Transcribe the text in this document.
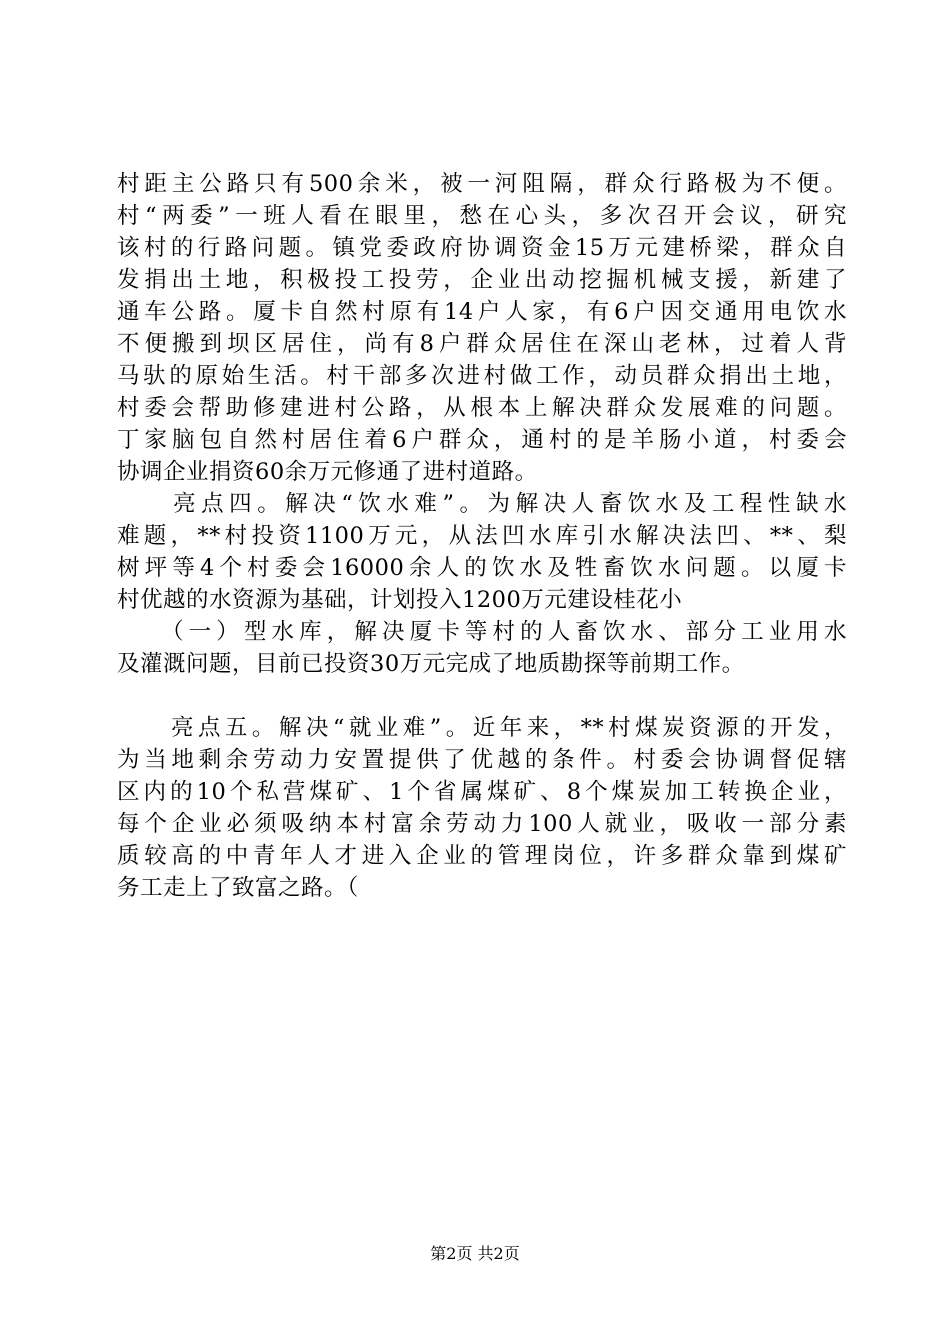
村距主公路只有500余米，被一河阻隔，群众行路极为不便。
村“两委”一班人看在眼里，愁在心头，多次召开会议，研究
该村的行路问题。镇党委政府协调资金15万元建桥梁，群众自
发捐出土地，积极投工投劳，企业出动挖掘机械支援，新建了
通车公路。厦卡自然村原有14户人家，有6户因交通用电饮水
不便搬到坝区居住，尚有8户群众居住在深山老林，过着人背
马驮的原始生活。村干部多次进村做工作，动员群众捐出土地，
村委会帮助修建进村公路，从根本上解决群众发展难的问题。
丁家脑包自然村居住着6户群众，通村的是羊肠小道，村委会
协调企业捐资60余万元修通了进村道路。
　　亮点四。解决“饮水难”。为解决人畜饮水及工程性缺水
难题，**村投资1100万元，从法凹水库引水解决法凹、**、梨
树坪等4个村委会16000余人的饮水及牲畜饮水问题。以厦卡
村优越的水资源为基础，计划投入1200万元建设桂花小
　　（一）型水库，解决厦卡等村的人畜饮水、部分工业用水
及灌溉问题，目前已投资30万元完成了地质勘探等前期工作。
　　亮点五。解决“就业难”。近年来，**村煤炭资源的开发，
为当地剩余劳动力安置提供了优越的条件。村委会协调督促辖
区内的10个私营煤矿、1个省属煤矿、8个煤炭加工转换企业，
每个企业必须吸纳本村富余劳动力100人就业，吸收一部分素
质较高的中青年人才进入企业的管理岗位，许多群众靠到煤矿
务工走上了致富之路。（
第2页 共2页
